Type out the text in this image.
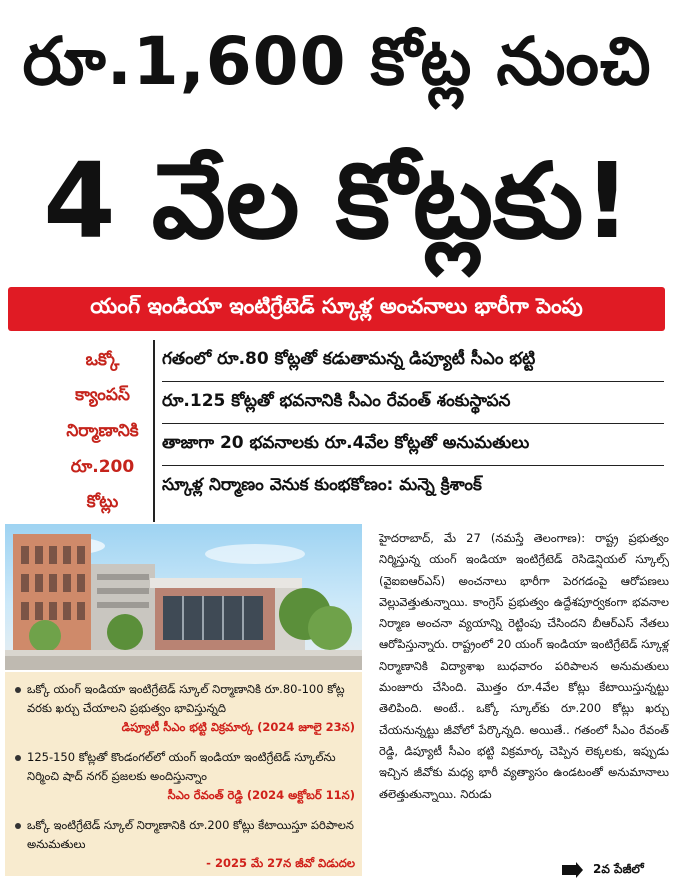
రూ.1,600 కోట్ల నుంచి
4 వేల కోట్లకు!
యంగ్ ఇండియా ఇంటిగ్రేటెడ్ స్కూళ్ల అంచనాలు భారీగా పెంపు
ఒక్కో
క్యాంపస్
నిర్మాణానికి
రూ.200
కోట్లు
గతంలో రూ.80 కోట్లతో కడుతామన్న డిప్యూటీ సీఎం భట్టి
రూ.125 కోట్లతో భవనానికి సీఎం రేవంత్ శంకుస్థాపన
తాజాగా 20 భవనాలకు రూ.4వేల కోట్లతో అనుమతులు
స్కూళ్ల నిర్మాణం వెనుక కుంభకోణం: మన్నె క్రిశాంక్
ఒక్కో యంగ్ ఇండియా ఇంటిగ్రేటెడ్ స్కూల్ నిర్మాణానికి రూ.80-100 కోట్ల వరకు ఖర్చు చేయాలని ప్రభుత్వం భావిస్తున్నది
డిప్యూటీ సీఎం భట్టి విక్రమార్క (2024 జూలై 23న)
125-150 కోట్లతో కొండంగల్‌లో యంగ్ ఇండియా ఇంటిగ్రేటెడ్ స్కూల్‌ను నిర్మించి షాద్ నగర్ ప్రజలకు అందిస్తున్నాం
సీఎం రేవంత్ రెడ్డి (2024 అక్టోబర్ 11న)
ఒక్కో ఇంటిగ్రేటెడ్ స్కూల్ నిర్మాణానికి రూ.200 కోట్లు కేటాయిస్తూ పరిపాలన అనుమతులు
- 2025 మే 27న జీవో విడుదల

హైదరాబాద్, మే 27 (నమస్తే తెలంగాణ): రాష్ట్ర ప్రభుత్వం నిర్మిస్తున్న యంగ్ ఇండియా ఇంటిగ్రేటెడ్ రెసిడెన్షియల్ స్కూల్స్ (వైఐఐఆర్ఎస్) అంచనాలు భారీగా పెరగడంపై ఆరోపణలు వెల్లువెత్తుతున్నాయి. కాంగ్రెస్ ప్రభుత్వం ఉద్దేశపూర్వకంగా భవనాల నిర్మాణ అంచనా వ్యయాన్ని రెట్టింపు చేసిందని బీఆర్ఎస్ నేతలు ఆరోపిస్తున్నారు. రాష్ట్రంలో 20 యంగ్ ఇండియా ఇంటిగ్రేటెడ్ స్కూళ్ల నిర్మాణానికి విద్యాశాఖ బుధవారం పరిపాలన అనుమతులు మంజూరు చేసింది. మొత్తం రూ.4వేల కోట్లు కేటాయిస్తున్నట్టు తెలిపింది. అంటే.. ఒక్కో స్కూల్‌కు రూ.200 కోట్లు ఖర్చు చేయనున్నట్టు జీవోలో పేర్కొన్నది. అయితే.. గతంలో సీఎం రేవంత్ రెడ్డి, డిప్యూటీ సీఎం భట్టి విక్రమార్క చెప్పిన లెక్కలకు, ఇప్పుడు ఇచ్చిన జీవోకు మధ్య భారీ వ్యత్యాసం ఉండటంతో అనుమానాలు తలెత్తుతున్నాయి. నిరుడు

2వ పేజీలో
